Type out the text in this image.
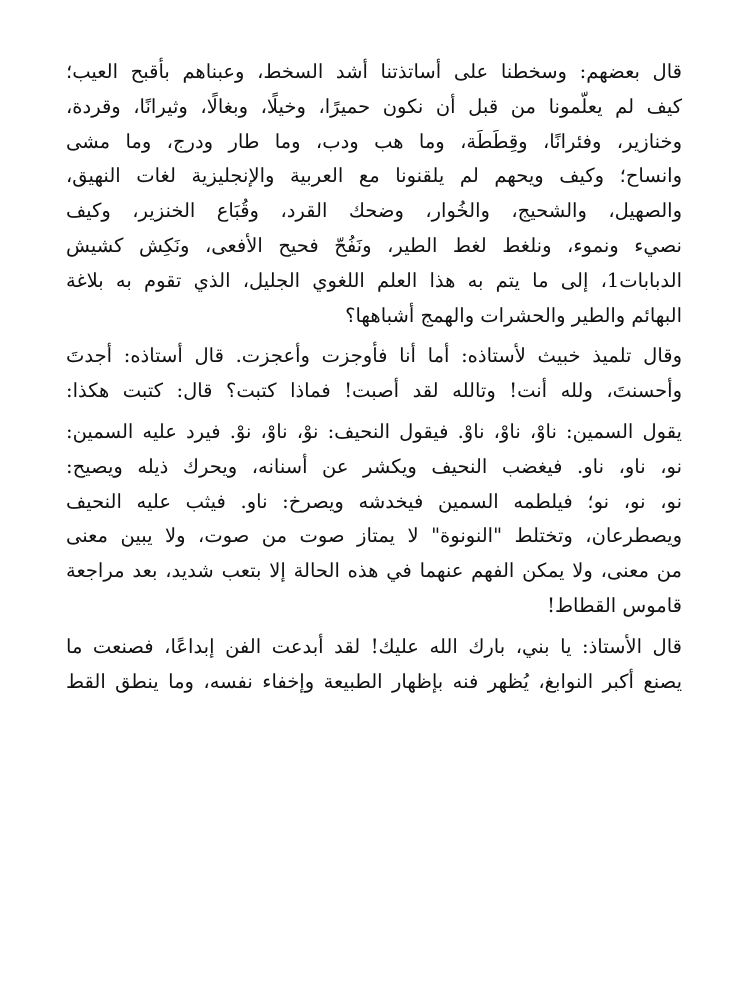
قال بعضهم: وسخطنا على أساتذتنا أشد السخط، وعبناهم بأقبح العيب؛
كيف لم يعلّمونا من قبل أن نكون حميرًا، وخيلًا، وبغالًا، وثيرانًا، وقردة،
وخنازير، وفئرانًا، وقِطَطَة، وما هب ودب، وما طار ودرج، وما مشى
وانساح؛ وكيف ويحهم لم يلقنونا مع العربية والإنجليزية لغات النهيق،
والصهيل، والشحيج، والخُوار، وضحك القرد، وقُبَاع الخنزير، وكيف
نصيء ونموء، ونلغط لغط الطير، ونَفُحّ فحيح الأفعى، ونَكِش كشيش
الدبابات1، إلى ما يتم به هذا العلم اللغوي الجليل، الذي تقوم به بلاغة
البهائم والطير والحشرات والهمج أشباهها؟

وقال تلميذ خبيث لأستاذه: أما أنا فأوجزت وأعجزت. قال أستاذه: أجدتَ
وأحسنتَ، ولله أنت! وتالله لقد أصبت! فماذا كتبت؟ قال: كتبت هكذا:

يقول السمين: ناوْ، ناوْ، ناوْ. فيقول النحيف: نوْ، ناوْ، نوْ. فيرد عليه السمين:
نو، ناو، ناو. فيغضب النحيف ويكشر عن أسنانه، ويحرك ذيله ويصيح:
نو، نو، نو؛ فيلطمه السمين فيخدشه ويصرخ: ناو. فيثب عليه النحيف
ويصطرعان، وتختلط "النونوة" لا يمتاز صوت من صوت، ولا يبين معنى
من معنى، ولا يمكن الفهم عنهما في هذه الحالة إلا بتعب شديد، بعد مراجعة
قاموس القطاط!

قال الأستاذ: يا بني، بارك الله عليك! لقد أبدعت الفن إبداعًا، فصنعت ما
يصنع أكبر النوابغ، يُظهر فنه بإظهار الطبيعة وإخفاء نفسه، وما ينطق القط
